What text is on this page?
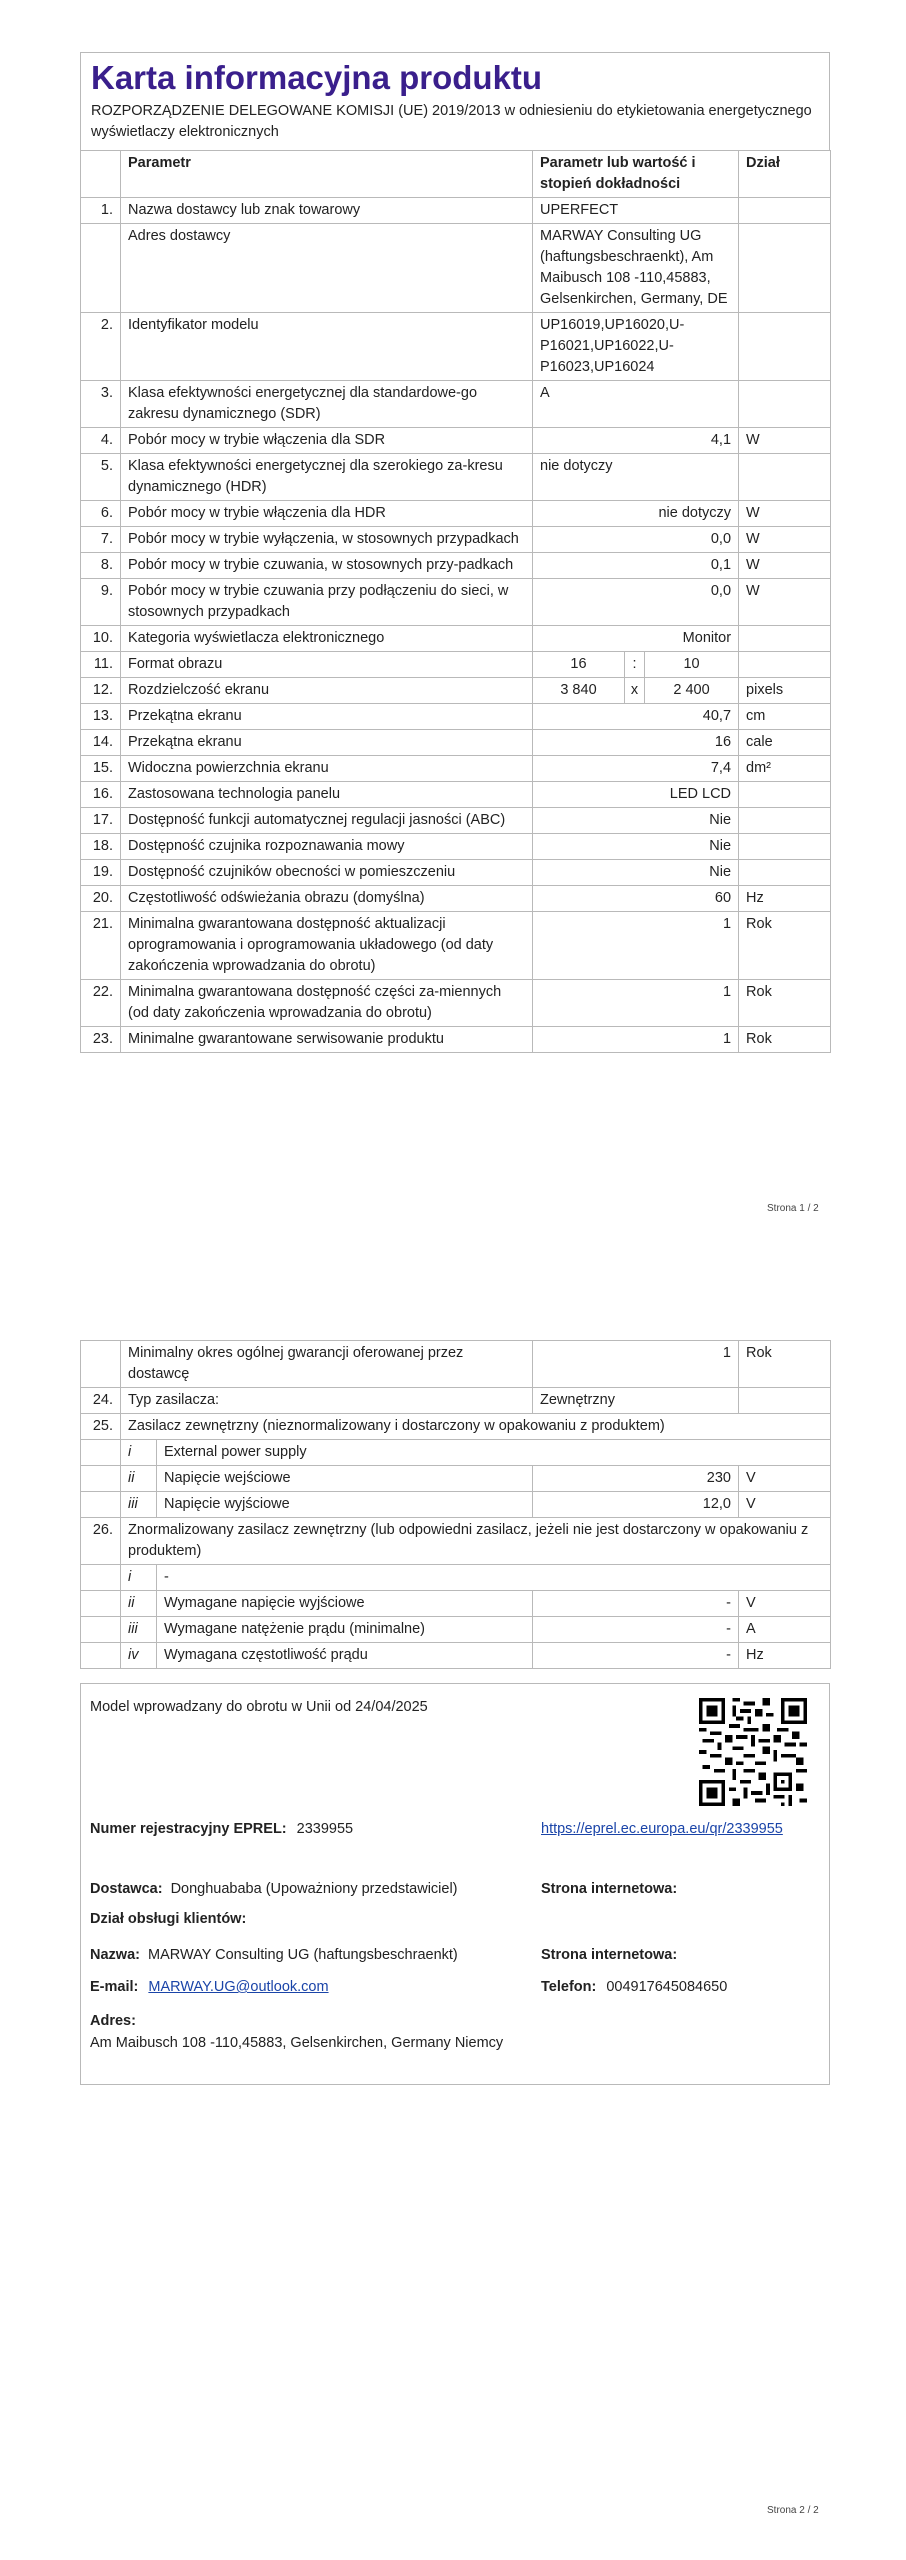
Karta informacyjna produktu
ROZPORZĄDZENIE DELEGOWANE KOMISJI (UE) 2019/2013 w odniesieniu do etykietowania energetycznego wyświetlaczy elektronicznych
	Parametr	Parametr lub wartość i stopień dokładności			Dział
1.	Nazwa dostawcy lub znak towarowy	UPERFECT			
	Adres dostawcy	MARWAY Consulting UG (haftungsbeschraenkt), Am Maibusch 108 -110,45883, Gelsenkirchen, Germany, DE			
2.	Identyfikator modelu	UP16019,UP16020,U-P16021,UP16022,U-P16023,UP16024			
3.	Klasa efektywności energetycznej dla standardowe-go zakresu dynamicznego (SDR)	A			
4.	Pobór mocy w trybie włączenia dla SDR	4,1			W
5.	Klasa efektywności energetycznej dla szerokiego za-kresu dynamicznego (HDR)	nie dotyczy			
6.	Pobór mocy w trybie włączenia dla HDR	nie dotyczy			W
7.	Pobór mocy w trybie wyłączenia, w stosownych przypadkach	0,0			W
8.	Pobór mocy w trybie czuwania, w stosownych przy-padkach	0,1			W
9.	Pobór mocy w trybie czuwania przy podłączeniu do sieci, w stosownych przypadkach	0,0			W
10.	Kategoria wyświetlacza elektronicznego	Monitor			
11.	Format obrazu	16	:	10	
12.	Rozdzielczość ekranu	3 840	x	2 400	pixels
13.	Przekątna ekranu	40,7			cm
14.	Przekątna ekranu	16			cale
15.	Widoczna powierzchnia ekranu	7,4			dm²
16.	Zastosowana technologia panelu	LED LCD			
17.	Dostępność funkcji automatycznej regulacji jasności (ABC)	Nie			
18.	Dostępność czujnika rozpoznawania mowy	Nie			
19.	Dostępność czujników obecności w pomieszczeniu	Nie			
20.	Częstotliwość odświeżania obrazu (domyślna)	60			Hz
21.	Minimalna gwarantowana dostępność aktualizacji oprogramowania i oprogramowania układowego (od daty zakończenia wprowadzania do obrotu)	1			Rok
22.	Minimalna gwarantowana dostępność części za-miennych (od daty zakończenia wprowadzania do obrotu)	1			Rok
23.	Minimalne gwarantowane serwisowanie produktu	1			Rok
Strona 1 / 2
	Minimalny okres ogólnej gwarancji oferowanej przez dostawcę		1	Rok
24.	Typ zasilacza:		Zewnętrzny	
25.	Zasilacz zewnętrzny (nieznormalizowany i dostarczony w opakowaniu z produktem)			
	i	External power supply		
	ii	Napięcie wejściowe	230	V
	iii	Napięcie wyjściowe	12,0	V
26.	Znormalizowany zasilacz zewnętrzny (lub odpowiedni zasilacz, jeżeli nie jest dostarczony w opakowaniu z produktem)			
	i	-		
	ii	Wymagane napięcie wyjściowe	-	V
	iii	Wymagane natężenie prądu (minimalne)	-	A
	iv	Wymagana częstotliwość prądu	-	Hz
Model wprowadzany do obrotu w Unii od 24/04/2025
Numer rejestracyjny EPREL: 2339955	https://eprel.ec.europa.eu/qr/2339955
Dostawca: Donghuababa (Upoważniony przedstawiciel)	Strona internetowa:
Dział obsługi klientów:
Nazwa: MARWAY Consulting UG (haftungsbeschraenkt)	Strona internetowa:
E-mail: MARWAY.UG@outlook.com	Telefon: 004917645084650
Adres:
Am Maibusch 108 -110,45883, Gelsenkirchen, Germany Niemcy
Strona 2 / 2
